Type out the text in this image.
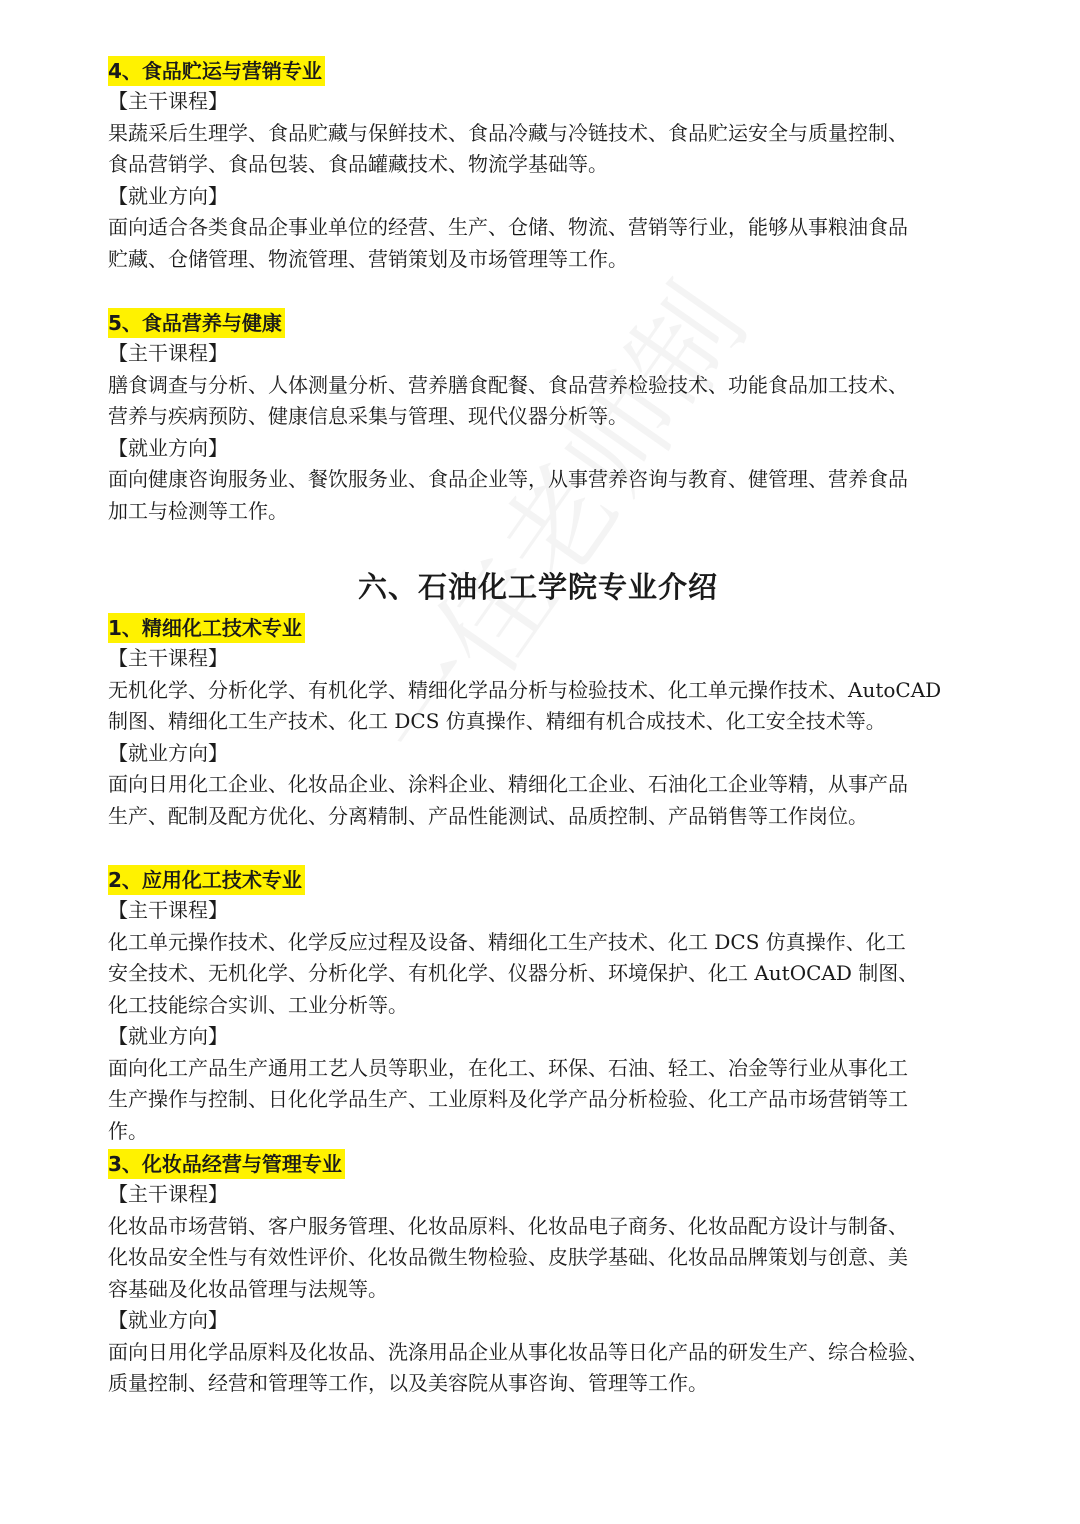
4、食品贮运与营销专业

【主干课程】

果蔬采后生理学、食品贮藏与保鲜技术、食品冷藏与冷链技术、食品贮运安全与质量控制、
食品营销学、食品包装、食品罐藏技术、物流学基础等。

【就业方向】

面向适合各类食品企事业单位的经营、生产、仓储、物流、营销等行业，能够从事粮油食品
贮藏、仓储管理、物流管理、营销策划及市场管理等工作。

5、食品营养与健康

【主干课程】

膳食调查与分析、人体测量分析、营养膳食配餐、食品营养检验技术、功能食品加工技术、
营养与疾病预防、健康信息采集与管理、现代仪器分析等。

【就业方向】

面向健康咨询服务业、餐饮服务业、食品企业等，从事营养咨询与教育、健管理、营养食品
加工与检测等工作。

六、石油化工学院专业介绍
1、精细化工技术专业

【主干课程】

无机化学、分析化学、有机化学、精细化学品分析与检验技术、化工单元操作技术、AutoCAD
制图、精细化工生产技术、化工 DCS 仿真操作、精细有机合成技术、化工安全技术等。

【就业方向】

面向日用化工企业、化妆品企业、涂料企业、精细化工企业、石油化工企业等精，从事产品
生产、配制及配方优化、分离精制、产品性能测试、品质控制、产品销售等工作岗位。

2、应用化工技术专业

【主干课程】

化工单元操作技术、化学反应过程及设备、精细化工生产技术、化工 DCS 仿真操作、化工
安全技术、无机化学、分析化学、有机化学、仪器分析、环境保护、化工 AutOCAD 制图、
化工技能综合实训、工业分析等。

【就业方向】

面向化工产品生产通用工艺人员等职业，在化工、环保、石油、轻工、冶金等行业从事化工
生产操作与控制、日化化学品生产、工业原料及化学产品分析检验、化工产品市场营销等工
作。

3、化妆品经营与管理专业

【主干课程】

化妆品市场营销、客户服务管理、化妆品原料、化妆品电子商务、化妆品配方设计与制备、
化妆品安全性与有效性评价、化妆品微生物检验、皮肤学基础、化妆品品牌策划与创意、美
容基础及化妆品管理与法规等。

【就业方向】

面向日用化学品原料及化妆品、洗涤用品企业从事化妆品等日化产品的研发生产、综合检验、
质量控制、经营和管理等工作，以及美容院从事咨询、管理等工作。
